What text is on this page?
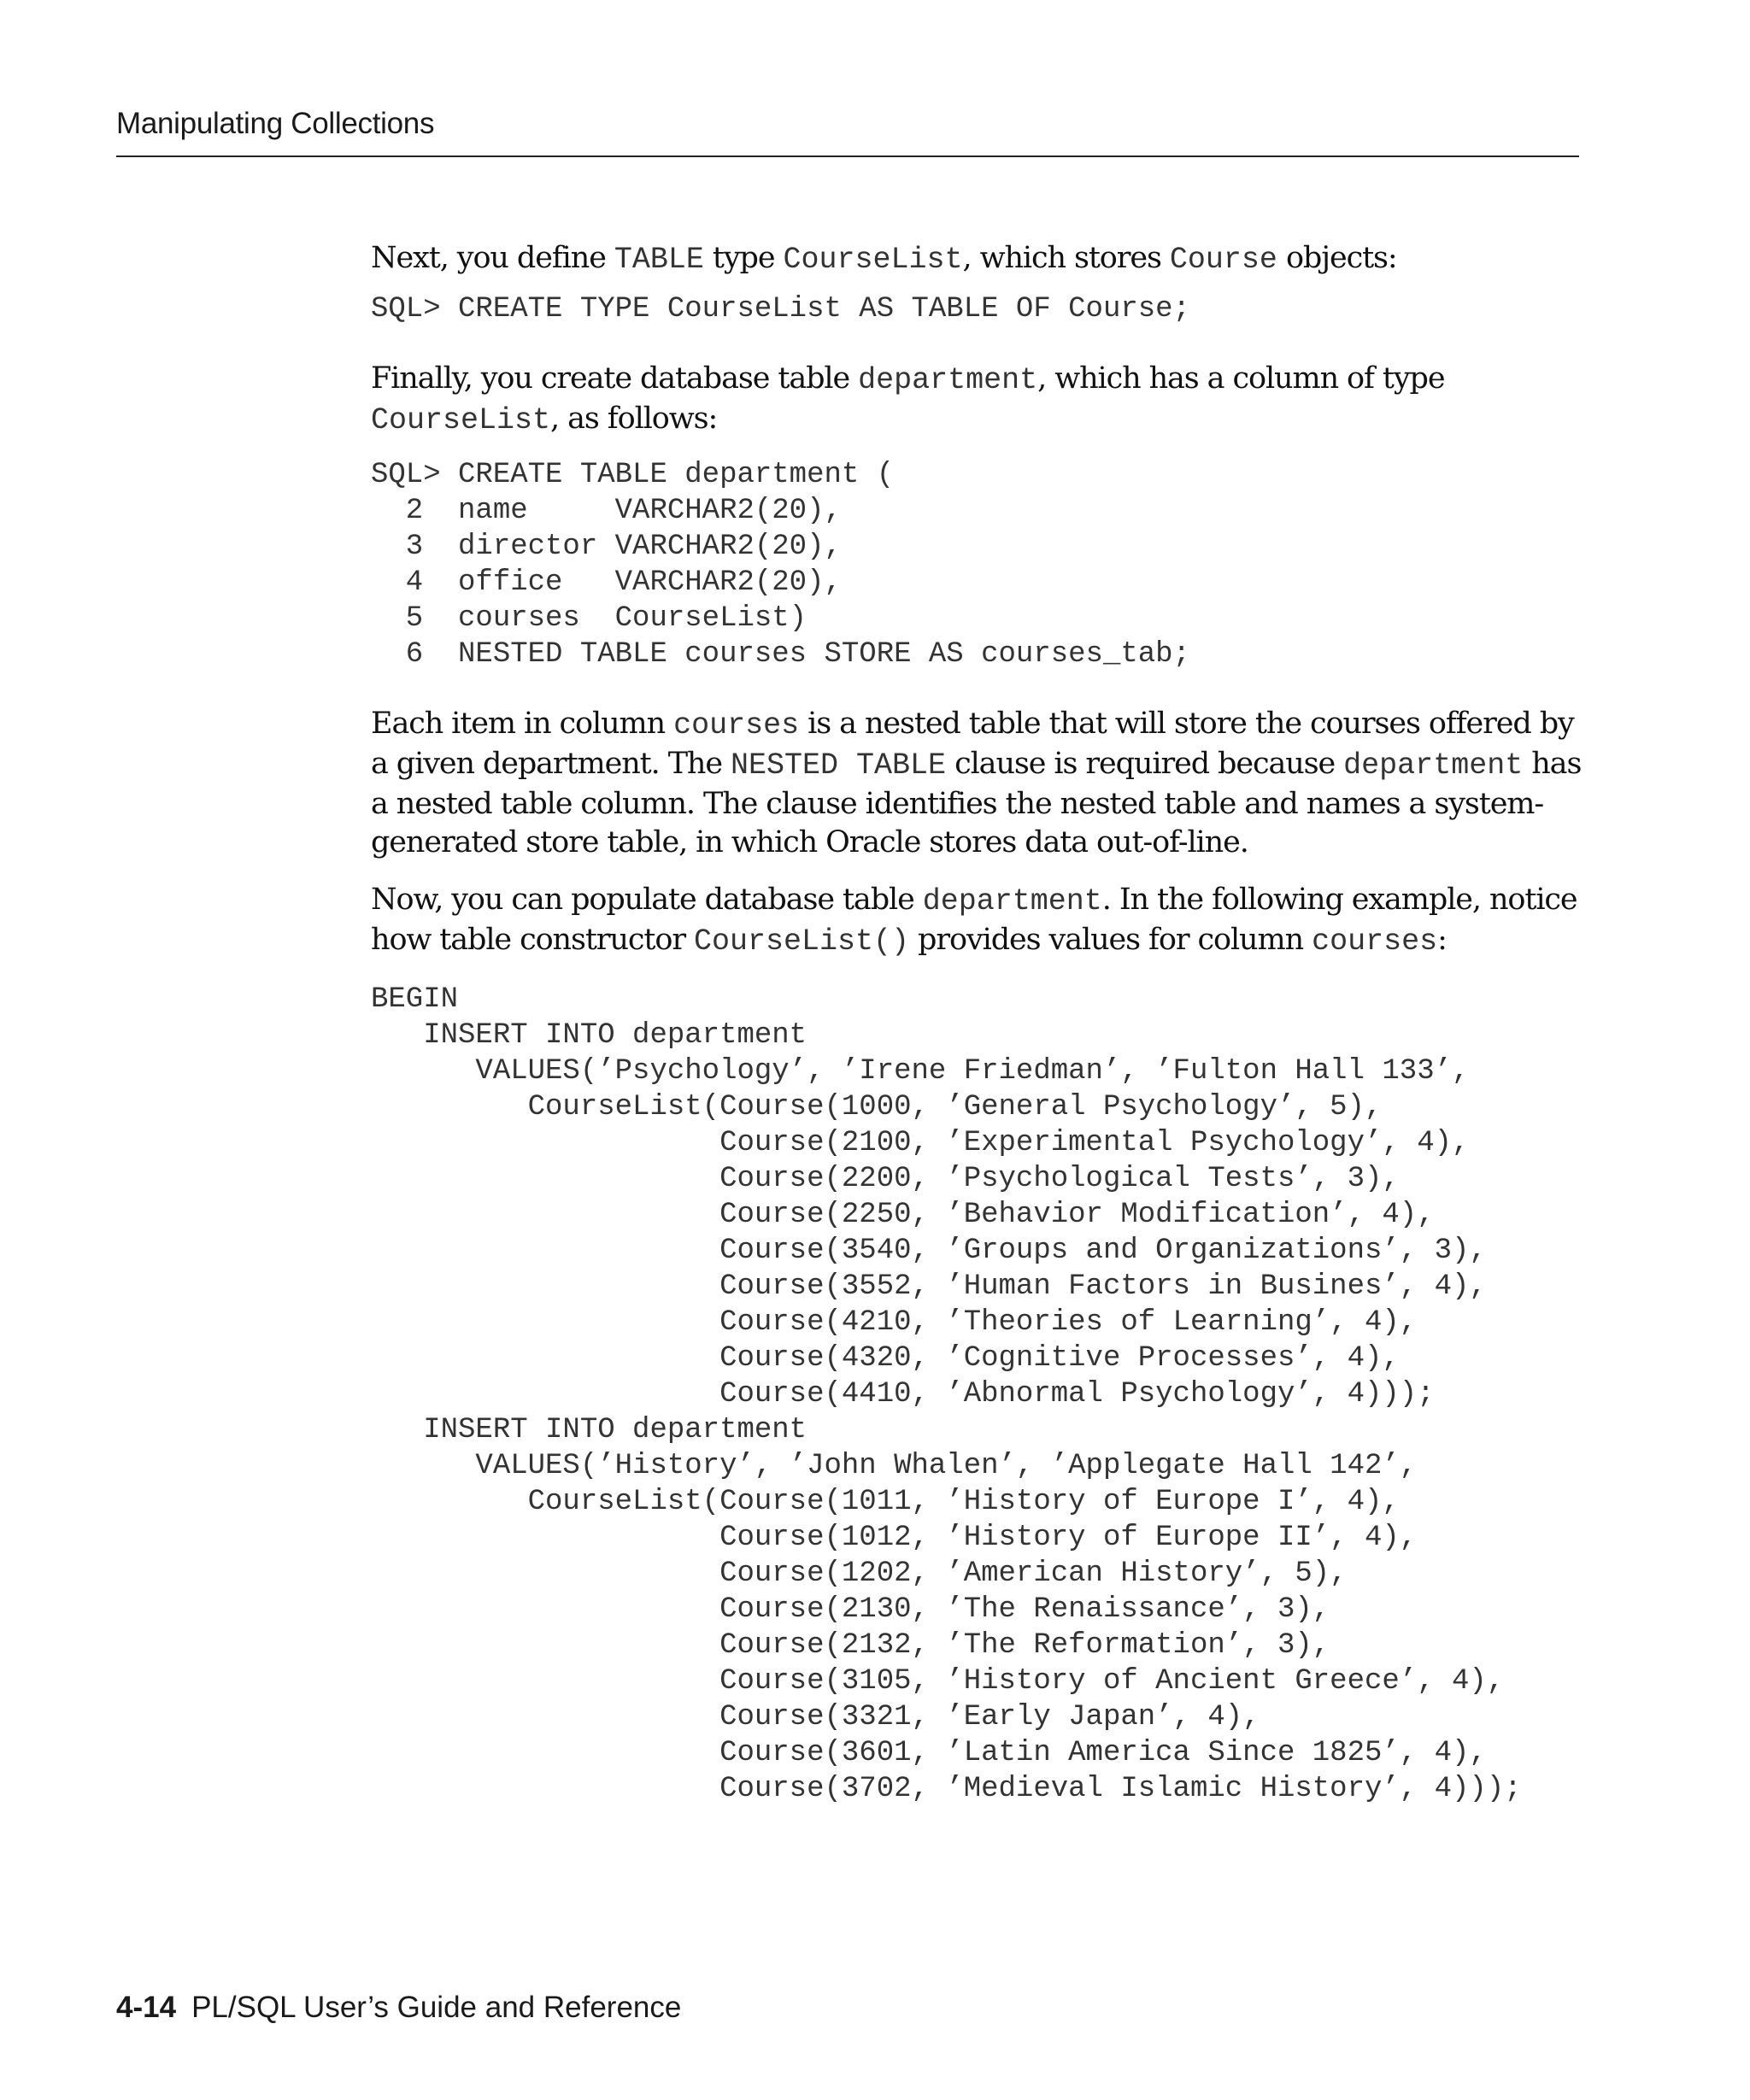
Manipulating Collections

Next, you define TABLE type CourseList, which stores Course objects:

SQL> CREATE TYPE CourseList AS TABLE OF Course;

Finally, you create database table department, which has a column of type CourseList, as follows:

SQL> CREATE TABLE department (
2  name     VARCHAR2(20),
3  director VARCHAR2(20),
4  office   VARCHAR2(20),
5  courses  CourseList)
6  NESTED TABLE courses STORE AS courses_tab;

Each item in column courses is a nested table that will store the courses offered by a given department. The NESTED TABLE clause is required because department has a nested table column. The clause identifies the nested table and names a system-generated store table, in which Oracle stores data out-of-line.

Now, you can populate database table department. In the following example, notice how table constructor CourseList() provides values for column courses:

BEGIN
INSERT INTO department
VALUES(’Psychology’, ’Irene Friedman’, ’Fulton Hall 133’,
CourseList(Course(1000, ’General Psychology’, 5),
Course(2100, ’Experimental Psychology’, 4),
Course(2200, ’Psychological Tests’, 3),
Course(2250, ’Behavior Modification’, 4),
Course(3540, ’Groups and Organizations’, 3),
Course(3552, ’Human Factors in Busines’, 4),
Course(4210, ’Theories of Learning’, 4),
Course(4320, ’Cognitive Processes’, 4),
Course(4410, ’Abnormal Psychology’, 4)));
INSERT INTO department
VALUES(’History’, ’John Whalen’, ’Applegate Hall 142’,
CourseList(Course(1011, ’History of Europe I’, 4),
Course(1012, ’History of Europe II’, 4),
Course(1202, ’American History’, 5),
Course(2130, ’The Renaissance’, 3),
Course(2132, ’The Reformation’, 3),
Course(3105, ’History of Ancient Greece’, 4),
Course(3321, ’Early Japan’, 4),
Course(3601, ’Latin America Since 1825’, 4),
Course(3702, ’Medieval Islamic History’, 4)));
4-14 PL/SQL User’s Guide and Reference
